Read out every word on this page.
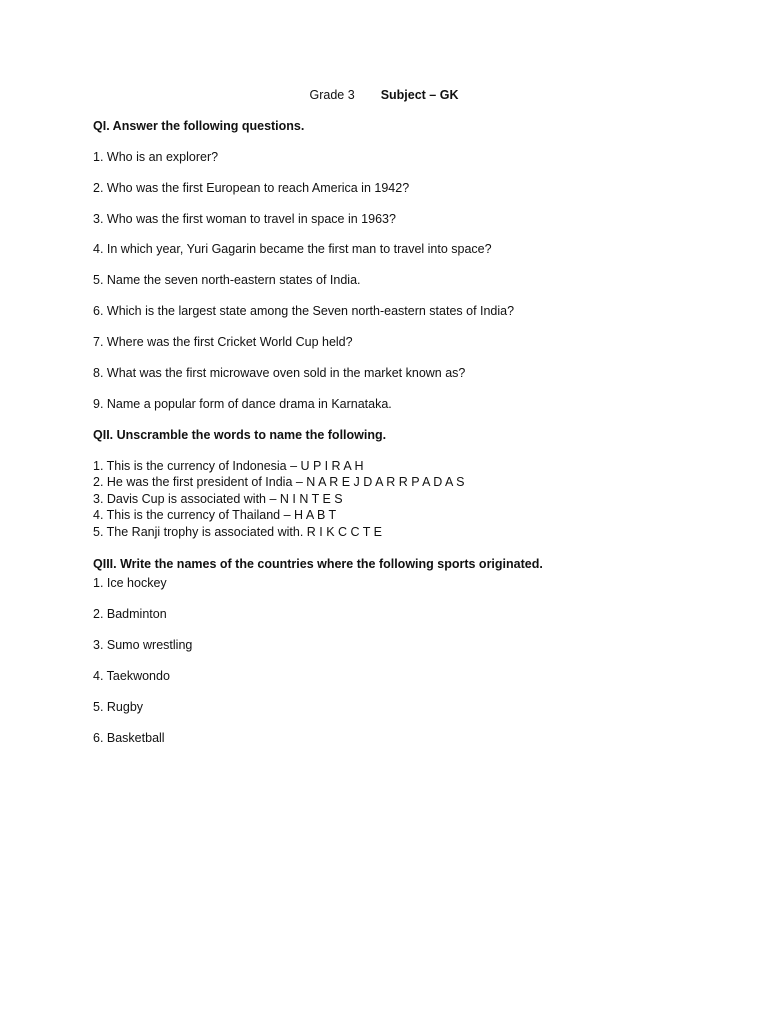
Grade 3 Subject – GK
QI. Answer the following questions.
1. Who is an explorer?
2. Who was the first European to reach America in 1942?
3. Who was the first woman to travel in space in 1963?
4. In which year, Yuri Gagarin became the first man to travel into space?
5. Name the seven north-eastern states of India.
6. Which is the largest state among the Seven north-eastern states of India?
7. Where was the first Cricket World Cup held?
8. What was the first microwave oven sold in the market known as?
9. Name a popular form of dance drama in Karnataka.
QII. Unscramble the words to name the following.
1. This is the currency of Indonesia – U P I R A H
2. He was the first president of India – N A R E J D A R R P A D A S
3. Davis Cup is associated with – N I N T E S
4. This is the currency of Thailand – H A B T
5. The Ranji trophy is associated with. R I K C C T E
QIII. Write the names of the countries where the following sports originated.
1. Ice hockey
2. Badminton
3. Sumo wrestling
4. Taekwondo
5. Rugby
6. Basketball
